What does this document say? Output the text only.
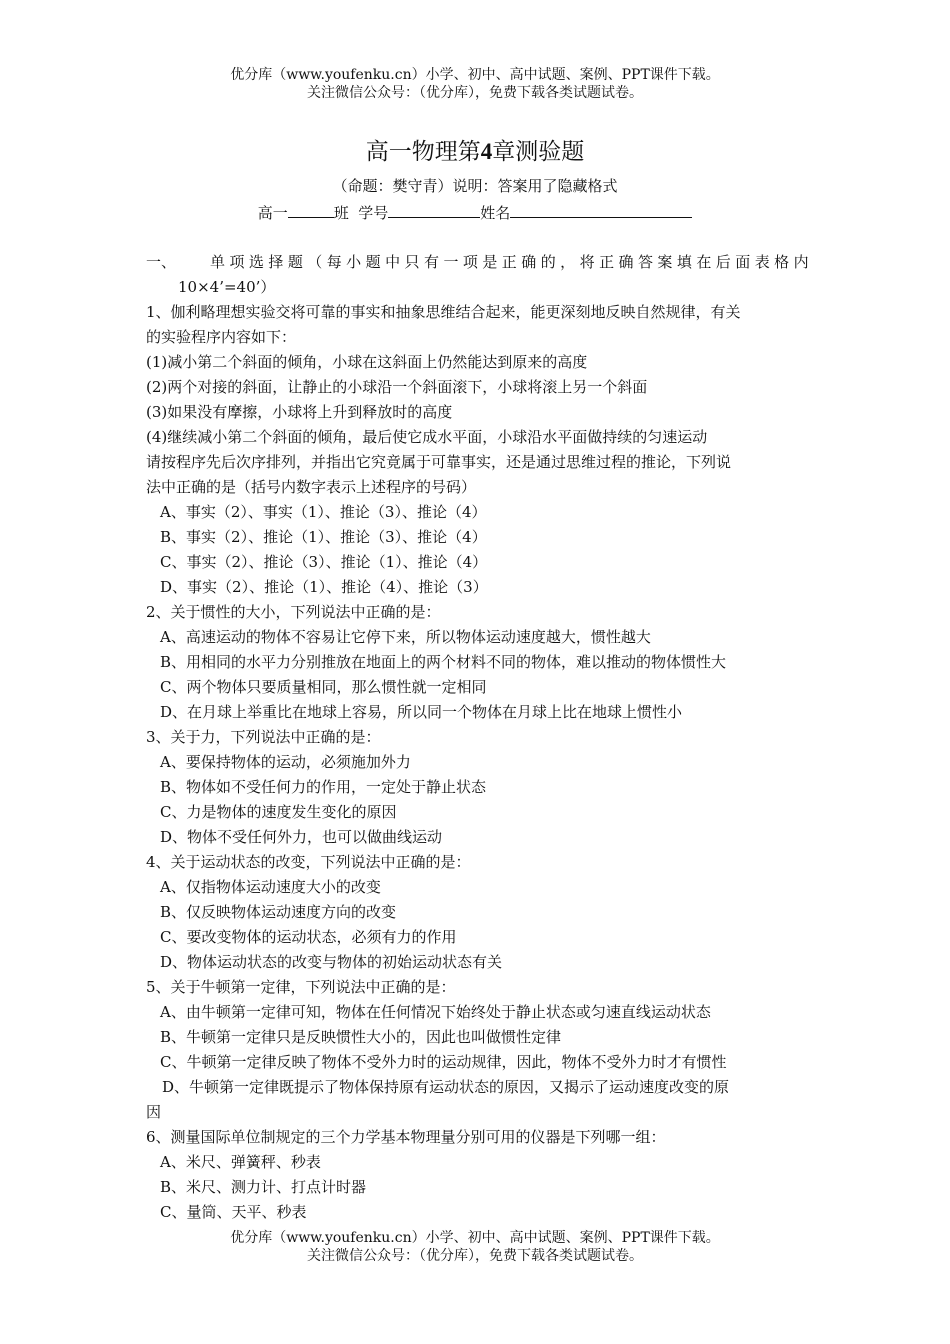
优分库（www.youfenku.cn）小学、初中、高中试题、案例、PPT课件下载。
关注微信公众号：（优分库），免费下载各类试题试卷。
高一物理第4章测验题
（命题：樊守青）说明：答案用了隐藏格式
高一	班  学号	姓名
一、	单 项 选 择 题 （ 每 小 题 中 只 有 一 项 是 正 确 的 ， 将 正 确 答 案 填 在 后 面 表 格 内
10×4’=40’）
1、伽利略理想实验交将可靠的事实和抽象思维结合起来，能更深刻地反映自然规律，有关
的实验程序内容如下：
(1)减小第二个斜面的倾角，小球在这斜面上仍然能达到原来的高度
(2)两个对接的斜面，让静止的小球沿一个斜面滚下，小球将滚上另一个斜面
(3)如果没有摩擦，小球将上升到释放时的高度
(4)继续减小第二个斜面的倾角，最后使它成水平面，小球沿水平面做持续的匀速运动
请按程序先后次序排列，并指出它究竟属于可靠事实，还是通过思维过程的推论，下列说
法中正确的是（括号内数字表示上述程序的号码）
A、事实（2）、事实（1）、推论（3）、推论（4）
B、事实（2）、推论（1）、推论（3）、推论（4）
C、事实（2）、推论（3）、推论（1）、推论（4）
D、事实（2）、推论（1）、推论（4）、推论（3）
2、关于惯性的大小，下列说法中正确的是：
A、高速运动的物体不容易让它停下来，所以物体运动速度越大，惯性越大
B、用相同的水平力分别推放在地面上的两个材料不同的物体，难以推动的物体惯性大
C、两个物体只要质量相同，那么惯性就一定相同
D、在月球上举重比在地球上容易，所以同一个物体在月球上比在地球上惯性小
3、关于力，下列说法中正确的是：
A、要保持物体的运动，必须施加外力
B、物体如不受任何力的作用，一定处于静止状态
C、力是物体的速度发生变化的原因
D、物体不受任何外力，也可以做曲线运动
4、关于运动状态的改变，下列说法中正确的是：
A、仅指物体运动速度大小的改变
B、仅反映物体运动速度方向的改变
C、要改变物体的运动状态，必须有力的作用
D、物体运动状态的改变与物体的初始运动状态有关
5、关于牛顿第一定律，下列说法中正确的是：
A、由牛顿第一定律可知，物体在任何情况下始终处于静止状态或匀速直线运动状态
B、牛顿第一定律只是反映惯性大小的，因此也叫做惯性定律
C、牛顿第一定律反映了物体不受外力时的运动规律，因此，物体不受外力时才有惯性
D、牛顿第一定律既提示了物体保持原有运动状态的原因，又揭示了运动速度改变的原
因
6、测量国际单位制规定的三个力学基本物理量分别可用的仪器是下列哪一组：
A、米尺、弹簧秤、秒表
B、米尺、测力计、打点计时器
C、量筒、天平、秒表
优分库（www.youfenku.cn）小学、初中、高中试题、案例、PPT课件下载。
关注微信公众号：（优分库），免费下载各类试题试卷。
